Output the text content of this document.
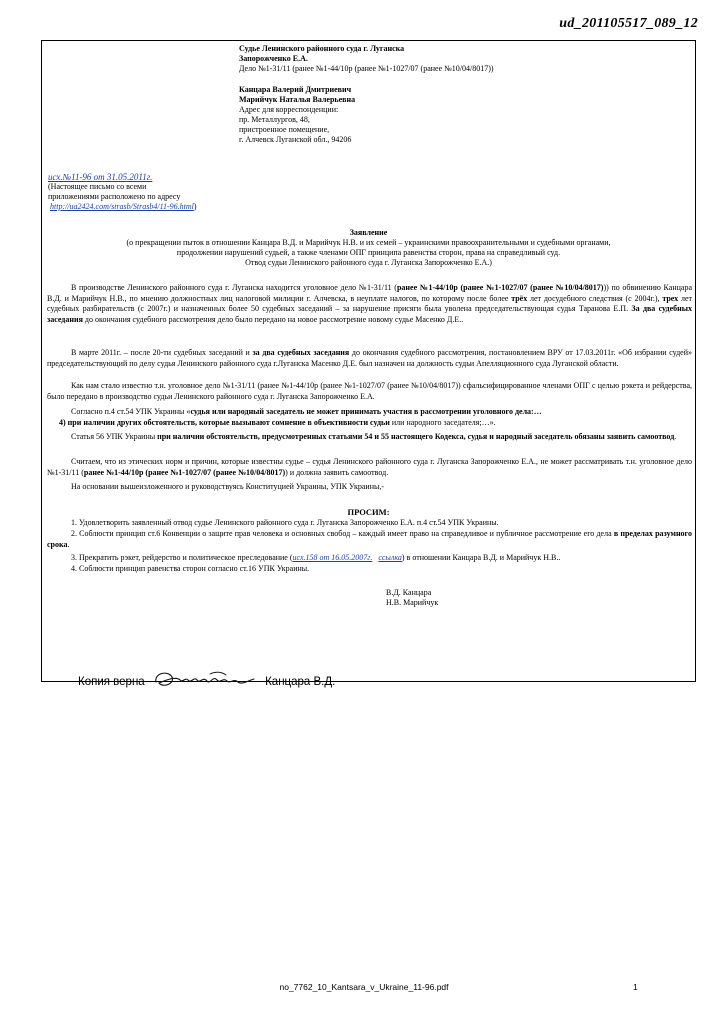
ud_201105517_089_12
Судье Ленинского районного суда г. Луганска
Запорожченко Е.А.
Дело №1-31/11 (ранее №1-44/10р (ранее №1-1027/07 (ранее №10/04/8017))
Канцара Валерий Дмитриевич
Марийчук Наталья Валерьевна
Адрес для корреспонденции:
пр. Металлургов, 48,
пристроенное помещение,
г. Алчевск Луганской обл., 94206
исх.№11-96 от 31.05.2011г.
(Настоящее письмо со всеми
приложениями расположено по адресу
http://ua2424.com/strasb/Strasb4/11-96.html)
Заявление
(о прекращении пыток в отношении Канцара В.Д. и Марийчук Н.В. и их семей – украинскими правоохранительными и судебными органами,
продолжении нарушений судьей, а также членами ОПГ принципа равенства сторон, права на справедливый суд.
Отвод судьи Ленинского районного суда г. Луганска Запорожченко Е.А.)
В производстве Ленинского районного суда г. Луганска находится уголовное дело №1-31/11 (ранее №1-44/10р (ранее №1-1027/07 (ранее №10/04/8017))) по обвинению Канцара В.Д. и Марийчук Н.В., по мнению должностных лиц налоговой милиции г. Алчевска, в неуплате налогов, по которому после более трёх лет досудебного следствия (с 2004г.), трех лет судебных разбирательств (с 2007г.) и назначенных более 50 судебных заседаний – за нарушение присяги была уволена председательствующая судья Таранова Е.П. За два судебных заседания до окончания судебного рассмотрения дело было передано на новое рассмотрение новому судье Масенко Д.Е..
В марте 2011г. – после 20-ти судебных заседаний и за два судебных заседания до окончания судебного рассмотрения, постановлением ВРУ от 17.03.2011г. «Об избрании судей» председательствующий по делу судья Ленинского районного суда г.Луганска Масенко Д.Е. был назначен на должность судьи Апелляционного суда Луганской области.
Как нам стало известно т.н. уголовное дело №1-31/11 (ранее №1-44/10р (ранее №1-1027/07 (ранее №10/04/8017)) сфальсифицированное членами ОПГ с целью рэкета и рейдерства, было передано в производство судьи Ленинского районного суда г. Луганска Запорожченко Е.А.
Согласно п.4 ст.54 УПК Украины «судья или народный заседатель не может принимать участия в рассмотрении уголовного дела:…
4) при наличии других обстоятельств, которые вызывают сомнение в объективности судьи или народного заседателя;…».
Статья 56 УПК Украины при наличии обстоятельств, предусмотренных статьями 54 и 55 настоящего Кодекса, судья и народный заседатель обязаны заявить самоотвод.
Считаем, что из этических норм и причин, которые известны судье – судья Ленинского районного суда г. Луганска Запорожченко Е.А., не может рассматривать т.н. уголовное дело №1-31/11 (ранее №1-44/10р (ранее №1-1027/07 (ранее №10/04/8017)) и должна заявить самоотвод.
На основании вышеизложенного и руководствуясь Конституцией Украины, УПК Украины,-
ПРОСИМ:
1. Удовлетворить заявленный отвод судье Ленинского районного суда г. Луганска Запорожченко Е.А. п.4 ст.54 УПК Украины.
2. Соблюсти принцип ст.6 Конвенции о защите прав человека и основных свобод – каждый имеет право на справедливое и публичное рассмотрение его дела в пределах разумного срока.
3. Прекратить рэкет, рейдерство и политическое преследование (исх.158 от 16.05.2007г. ссылка) в отношении Канцара В.Д. и Марийчук Н.В..
4. Соблюсти принцип равенства сторон согласно ст.16 УПК Украины.
В.Д. Канцара
Н.В. Марийчук
Копия верна	Канцара В.Д.
no_7762_10_Kantsara_v_Ukraine_11-96.pdf	1
